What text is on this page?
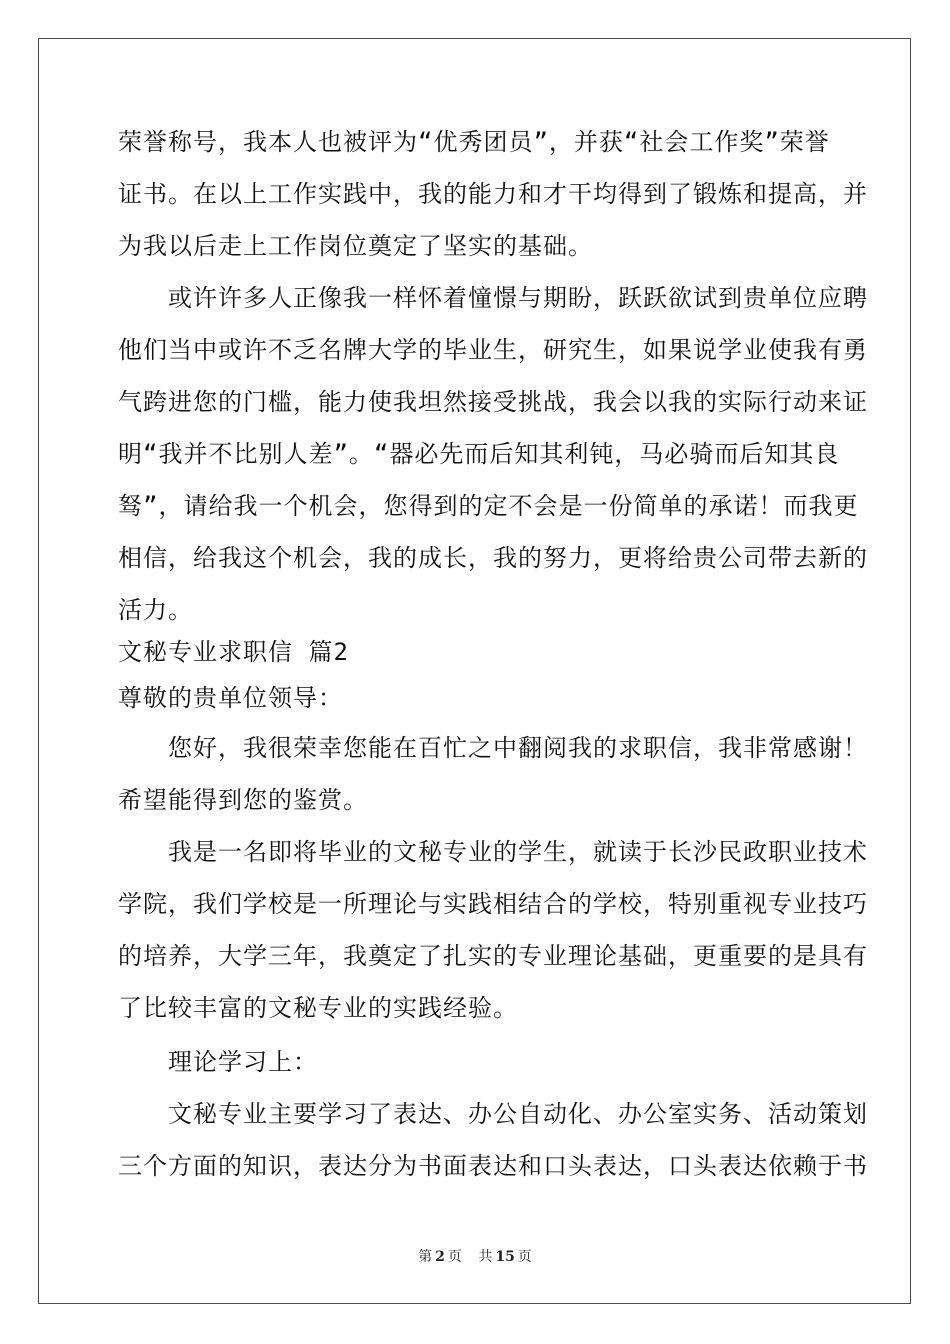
荣誉称号，我本人也被评为“优秀团员”，并获“社会工作奖”荣誉
证书。在以上工作实践中，我的能力和才干均得到了锻炼和提高，并
为我以后走上工作岗位奠定了坚实的基础。
　　或许许多人正像我一样怀着憧憬与期盼，跃跃欲试到贵单位应聘
他们当中或许不乏名牌大学的毕业生，研究生，如果说学业使我有勇
气跨进您的门槛，能力使我坦然接受挑战，我会以我的实际行动来证
明“我并不比别人差”。“器必先而后知其利钝，马必骑而后知其良
驽”，请给我一个机会，您得到的定不会是一份简单的承诺！而我更
相信，给我这个机会，我的成长，我的努力，更将给贵公司带去新的
活力。
文秘专业求职信 篇2
尊敬的贵单位领导：
　　您好，我很荣幸您能在百忙之中翻阅我的求职信，我非常感谢！
希望能得到您的鉴赏。
　　我是一名即将毕业的文秘专业的学生，就读于长沙民政职业技术
学院，我们学校是一所理论与实践相结合的学校，特别重视专业技巧
的培养，大学三年，我奠定了扎实的专业理论基础，更重要的是具有
了比较丰富的文秘专业的实践经验。
　　理论学习上：
　　文秘专业主要学习了表达、办公自动化、办公室实务、活动策划
三个方面的知识，表达分为书面表达和口头表达，口头表达依赖于书
第 2 页 共 15 页
